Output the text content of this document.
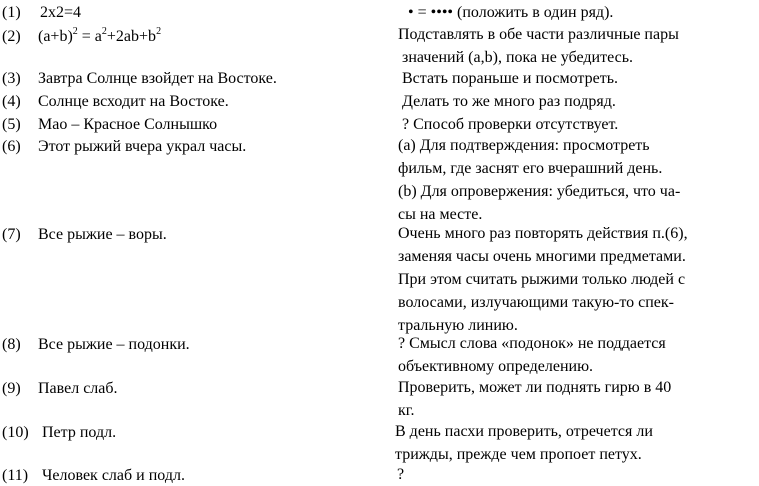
(1) 2x2=4	• = •••• (положить в один ряд).
(2) $(a+b)^2 = a^2+2ab+b^2$	Подставлять в обе части различные пары
значений (a,b), пока не убедитесь.
(3) Завтра Солнце взойдет на Востоке.	Встать пораньше и посмотреть.
(4) Солнце всходит на Востоке.	Делать то же много раз подряд.
(5) Мао – Красное Солнышко	? Способ проверки отсутствует.
(6) Этот рыжий вчера украл часы.	(a) Для подтверждения: просмотреть
фильм, где заснят его вчерашний день.
(b) Для опровержения: убедиться, что ча-
сы на месте.
(7) Все рыжие – воры.	Очень много раз повторять действия п.(6),
заменяя часы очень многими предметами.
При этом считать рыжими только людей с
волосами, излучающими такую-то спек-
тральную линию.
(8) Все рыжие – подонки.	? Смысл слова «подонок» не поддается
объективному определению.
(9) Павел слаб.	Проверить, может ли поднять гирю в 40
кг.
(10) Петр подл.	В день пасхи проверить, отречется ли
трижды, прежде чем пропоет петух.
(11) Человек слаб и подл.	?
